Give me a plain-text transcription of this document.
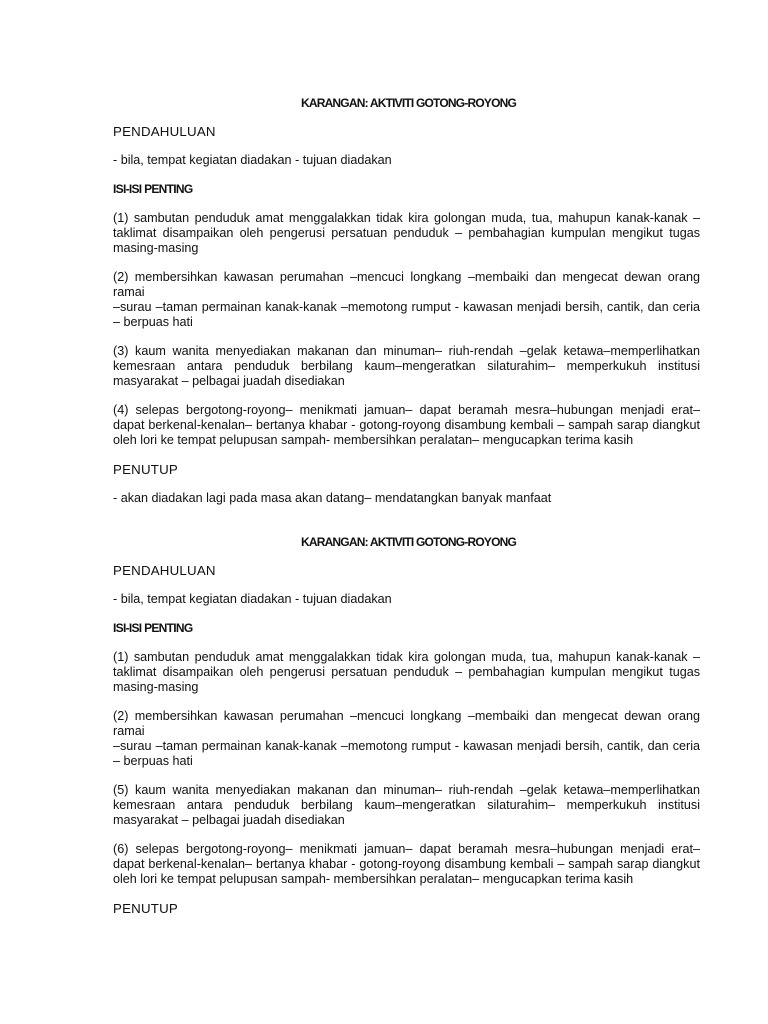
KARANGAN: AKTIVITI GOTONG-ROYONG
PENDAHULUAN
- bila, tempat kegiatan diadakan - tujuan diadakan
ISI-ISI PENTING
(1) sambutan penduduk amat menggalakkan tidak kira golongan muda, tua, mahupun kanak-kanak – taklimat disampaikan oleh pengerusi persatuan penduduk – pembahagian kumpulan mengikut tugas masing-masing
(2) membersihkan kawasan perumahan –mencuci longkang –membaiki dan mengecat dewan orang ramai
–surau –taman permainan kanak-kanak –memotong rumput - kawasan menjadi bersih, cantik, dan ceria – berpuas hati
(3) kaum wanita menyediakan makanan dan minuman– riuh-rendah –gelak ketawa–memperlihatkan kemesraan antara penduduk berbilang kaum–mengeratkan silaturahim– memperkukuh institusi masyarakat – pelbagai juadah disediakan
(4) selepas bergotong-royong– menikmati jamuan– dapat beramah mesra–hubungan menjadi erat– dapat berkenal-kenalan– bertanya khabar - gotong-royong disambung kembali – sampah sarap diangkut oleh lori ke tempat pelupusan sampah- membersihkan peralatan– mengucapkan terima kasih
PENUTUP
- akan diadakan lagi pada masa akan datang– mendatangkan banyak manfaat
KARANGAN: AKTIVITI GOTONG-ROYONG
PENDAHULUAN
- bila, tempat kegiatan diadakan - tujuan diadakan
ISI-ISI PENTING
(1) sambutan penduduk amat menggalakkan tidak kira golongan muda, tua, mahupun kanak-kanak – taklimat disampaikan oleh pengerusi persatuan penduduk – pembahagian kumpulan mengikut tugas masing-masing
(2) membersihkan kawasan perumahan –mencuci longkang –membaiki dan mengecat dewan orang ramai
–surau –taman permainan kanak-kanak –memotong rumput - kawasan menjadi bersih, cantik, dan ceria – berpuas hati
(5) kaum wanita menyediakan makanan dan minuman– riuh-rendah –gelak ketawa–memperlihatkan kemesraan antara penduduk berbilang kaum–mengeratkan silaturahim– memperkukuh institusi masyarakat – pelbagai juadah disediakan
(6) selepas bergotong-royong– menikmati jamuan– dapat beramah mesra–hubungan menjadi erat– dapat berkenal-kenalan– bertanya khabar - gotong-royong disambung kembali – sampah sarap diangkut oleh lori ke tempat pelupusan sampah- membersihkan peralatan– mengucapkan terima kasih
PENUTUP
